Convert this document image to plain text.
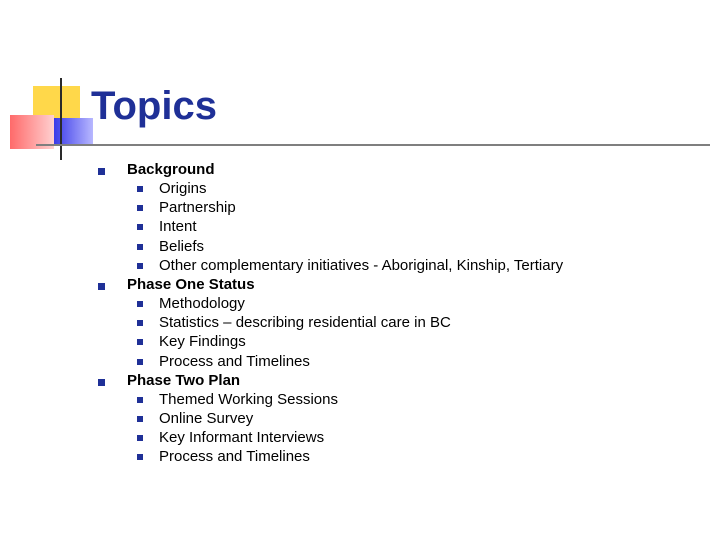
Topics
Background
Origins
Partnership
Intent
Beliefs
Other complementary initiatives - Aboriginal, Kinship, Tertiary
Phase One Status
Methodology
Statistics – describing residential care in BC
Key Findings
Process and Timelines
Phase Two Plan
Themed Working Sessions
Online Survey
Key Informant Interviews
Process and Timelines
